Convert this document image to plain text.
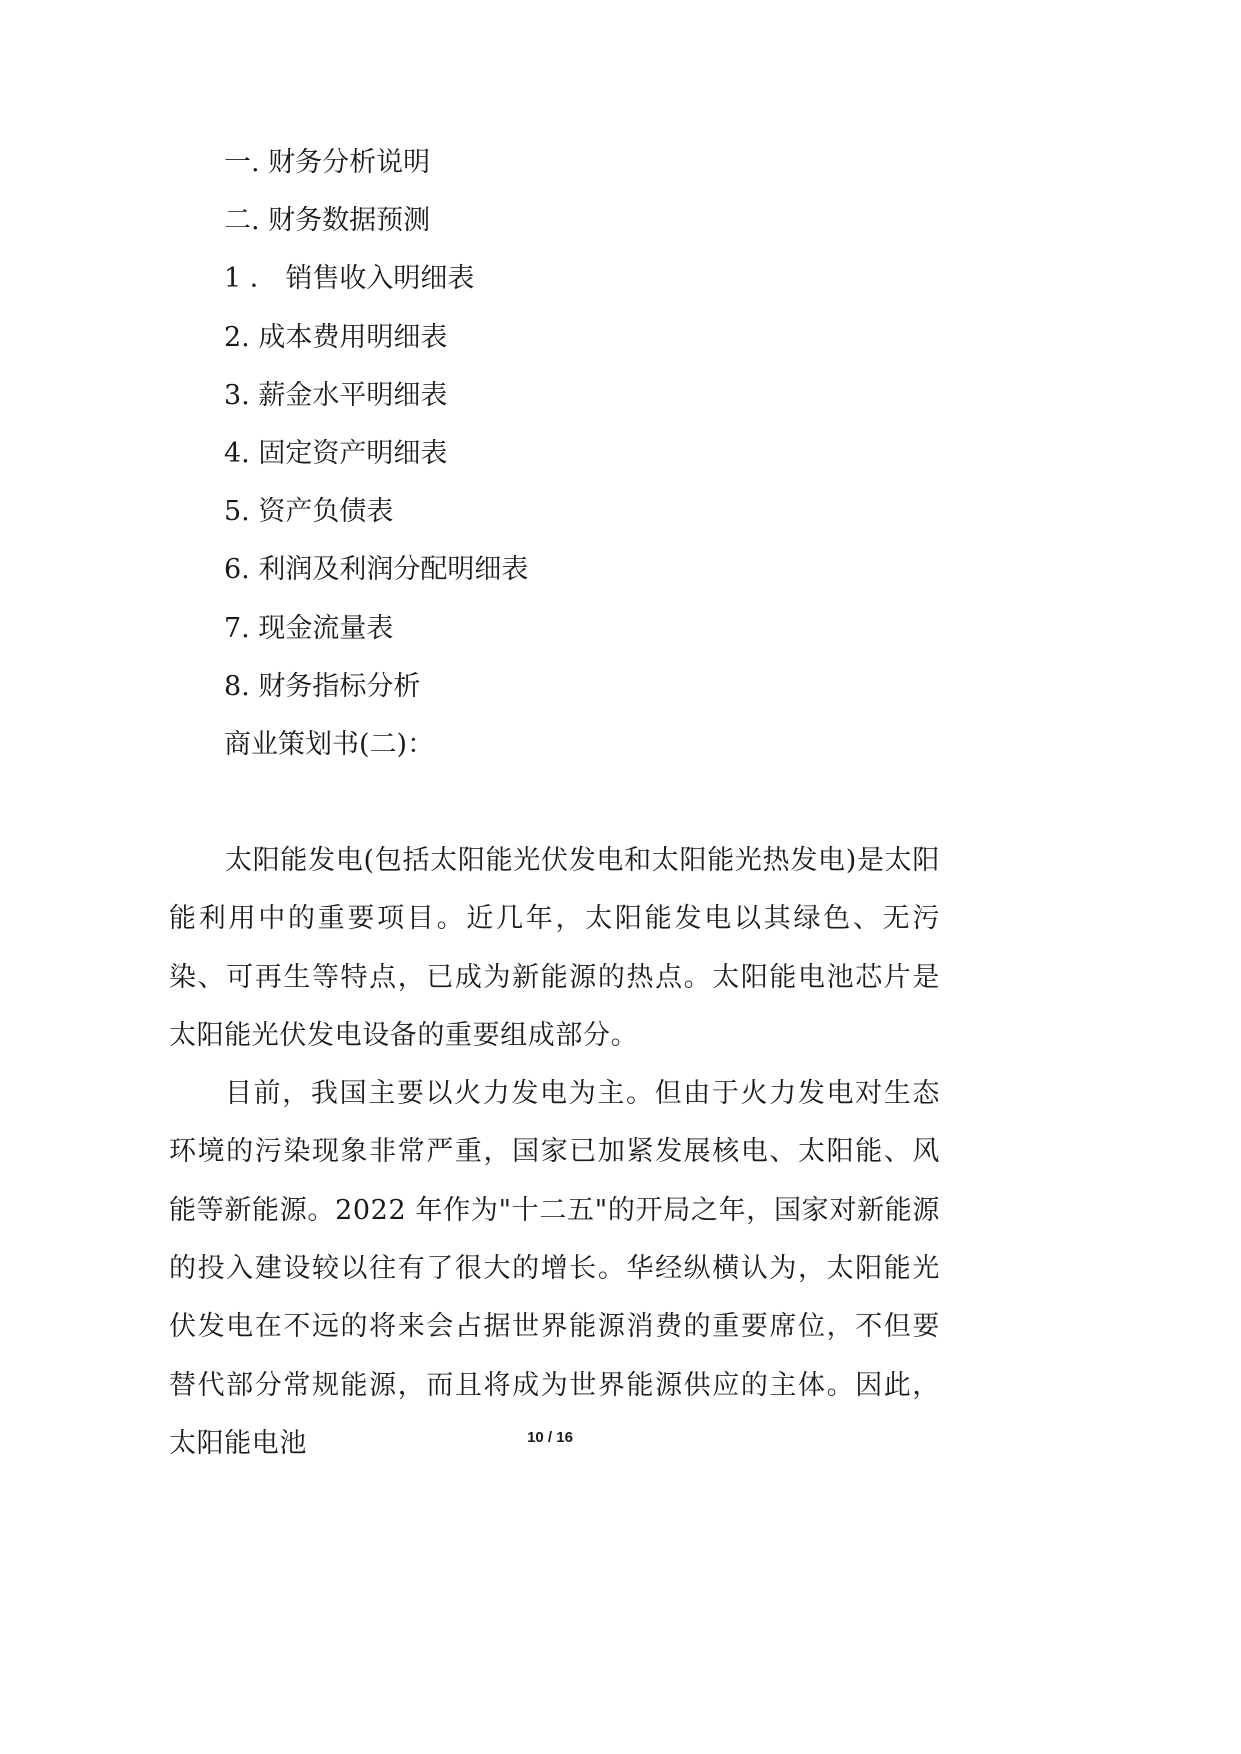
一. 财务分析说明
二. 财务数据预测
1 ． 销售收入明细表
2. 成本费用明细表
3. 薪金水平明细表
4. 固定资产明细表
5. 资产负债表
6. 利润及利润分配明细表
7. 现金流量表
8. 财务指标分析
商业策划书(二)：

太阳能发电(包括太阳能光伏发电和太阳能光热发电)是太阳能利用中的重要项目。近几年，太阳能发电以其绿色、无污染、可再生等特点，已成为新能源的热点。太阳能电池芯片是太阳能光伏发电设备的重要组成部分。

目前，我国主要以火力发电为主。但由于火力发电对生态环境的污染现象非常严重，国家已加紧发展核电、太阳能、风能等新能源。2022 年作为"十二五"的开局之年，国家对新能源的投入建设较以往有了很大的增长。华经纵横认为，太阳能光伏发电在不远的将来会占据世界能源消费的重要席位，不但要替代部分常规能源，而且将成为世界能源供应的主体。因此，太阳能电池	10 / 16
